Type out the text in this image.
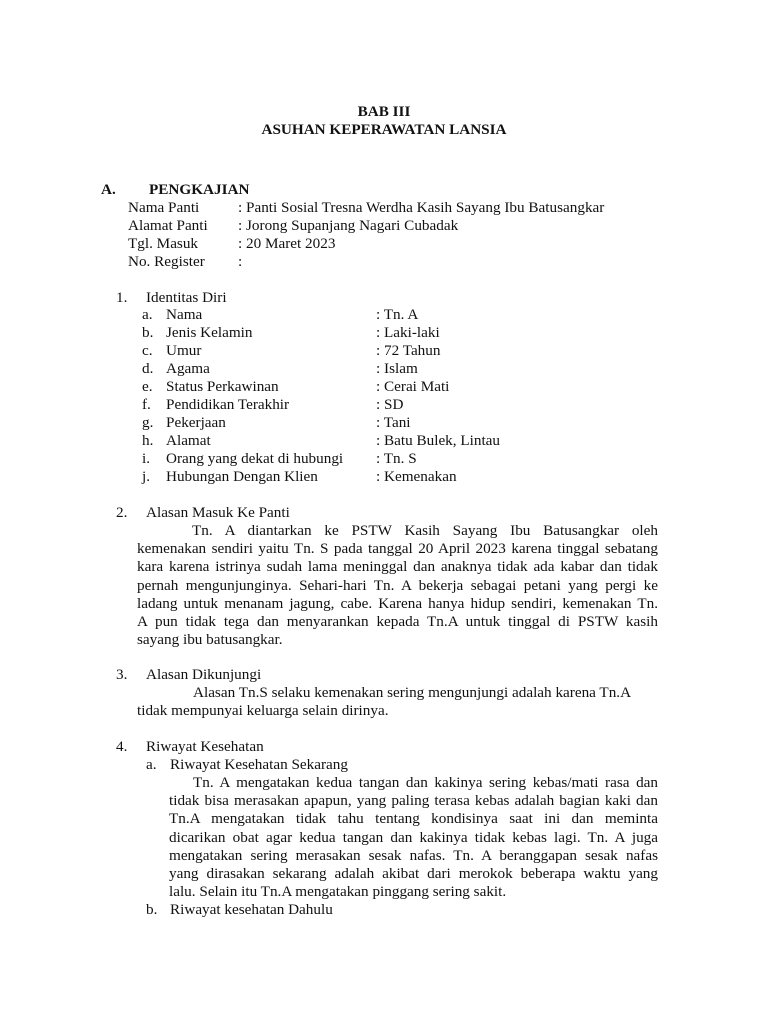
BAB III
ASUHAN KEPERAWATAN LANSIA
A. PENGKAJIAN
Nama Panti	: Panti Sosial Tresna Werdha Kasih Sayang Ibu Batusangkar
Alamat Panti : Jorong Supanjang Nagari Cubadak
Tgl. Masuk	: 20 Maret 2023
No. Register :
1. Identitas Diri
a. Nama	: Tn. A
b. Jenis Kelamin	: Laki-laki
c. Umur	: 72 Tahun
d. Agama	: Islam
e. Status Perkawinan	: Cerai Mati
f. Pendidikan Terakhir	: SD
g. Pekerjaan	: Tani
h. Alamat	: Batu Bulek, Lintau
i. Orang yang dekat di hubungi : Tn. S
j. Hubungan Dengan Klien	: Kemenakan
2. Alasan Masuk Ke Panti
Tn. A diantarkan ke PSTW Kasih Sayang Ibu Batusangkar oleh
kemenakan sendiri yaitu Tn. S pada tanggal 20 April 2023 karena tinggal sebatang
kara karena istrinya sudah lama meninggal dan anaknya tidak ada kabar dan tidak
pernah mengunjunginya. Sehari-hari Tn. A bekerja sebagai petani yang pergi ke
ladang untuk menanam jagung, cabe. Karena hanya hidup sendiri, kemenakan Tn.
A pun tidak tega dan menyarankan kepada Tn.A untuk tinggal di PSTW kasih
sayang ibu batusangkar.
3. Alasan Dikunjungi
Alasan Tn.S selaku kemenakan sering mengunjungi adalah karena Tn.A
tidak mempunyai keluarga selain dirinya.
4. Riwayat Kesehatan
a. Riwayat Kesehatan Sekarang
Tn. A mengatakan kedua tangan dan kakinya sering kebas/mati rasa dan
tidak bisa merasakan apapun, yang paling terasa kebas adalah bagian kaki dan
Tn.A mengatakan tidak tahu tentang kondisinya saat ini dan meminta
dicarikan obat agar kedua tangan dan kakinya tidak kebas lagi. Tn. A juga
mengatakan sering merasakan sesak nafas. Tn. A beranggapan sesak nafas
yang dirasakan sekarang adalah akibat dari merokok beberapa waktu yang
lalu. Selain itu Tn.A mengatakan pinggang sering sakit.
b. Riwayat kesehatan Dahulu
